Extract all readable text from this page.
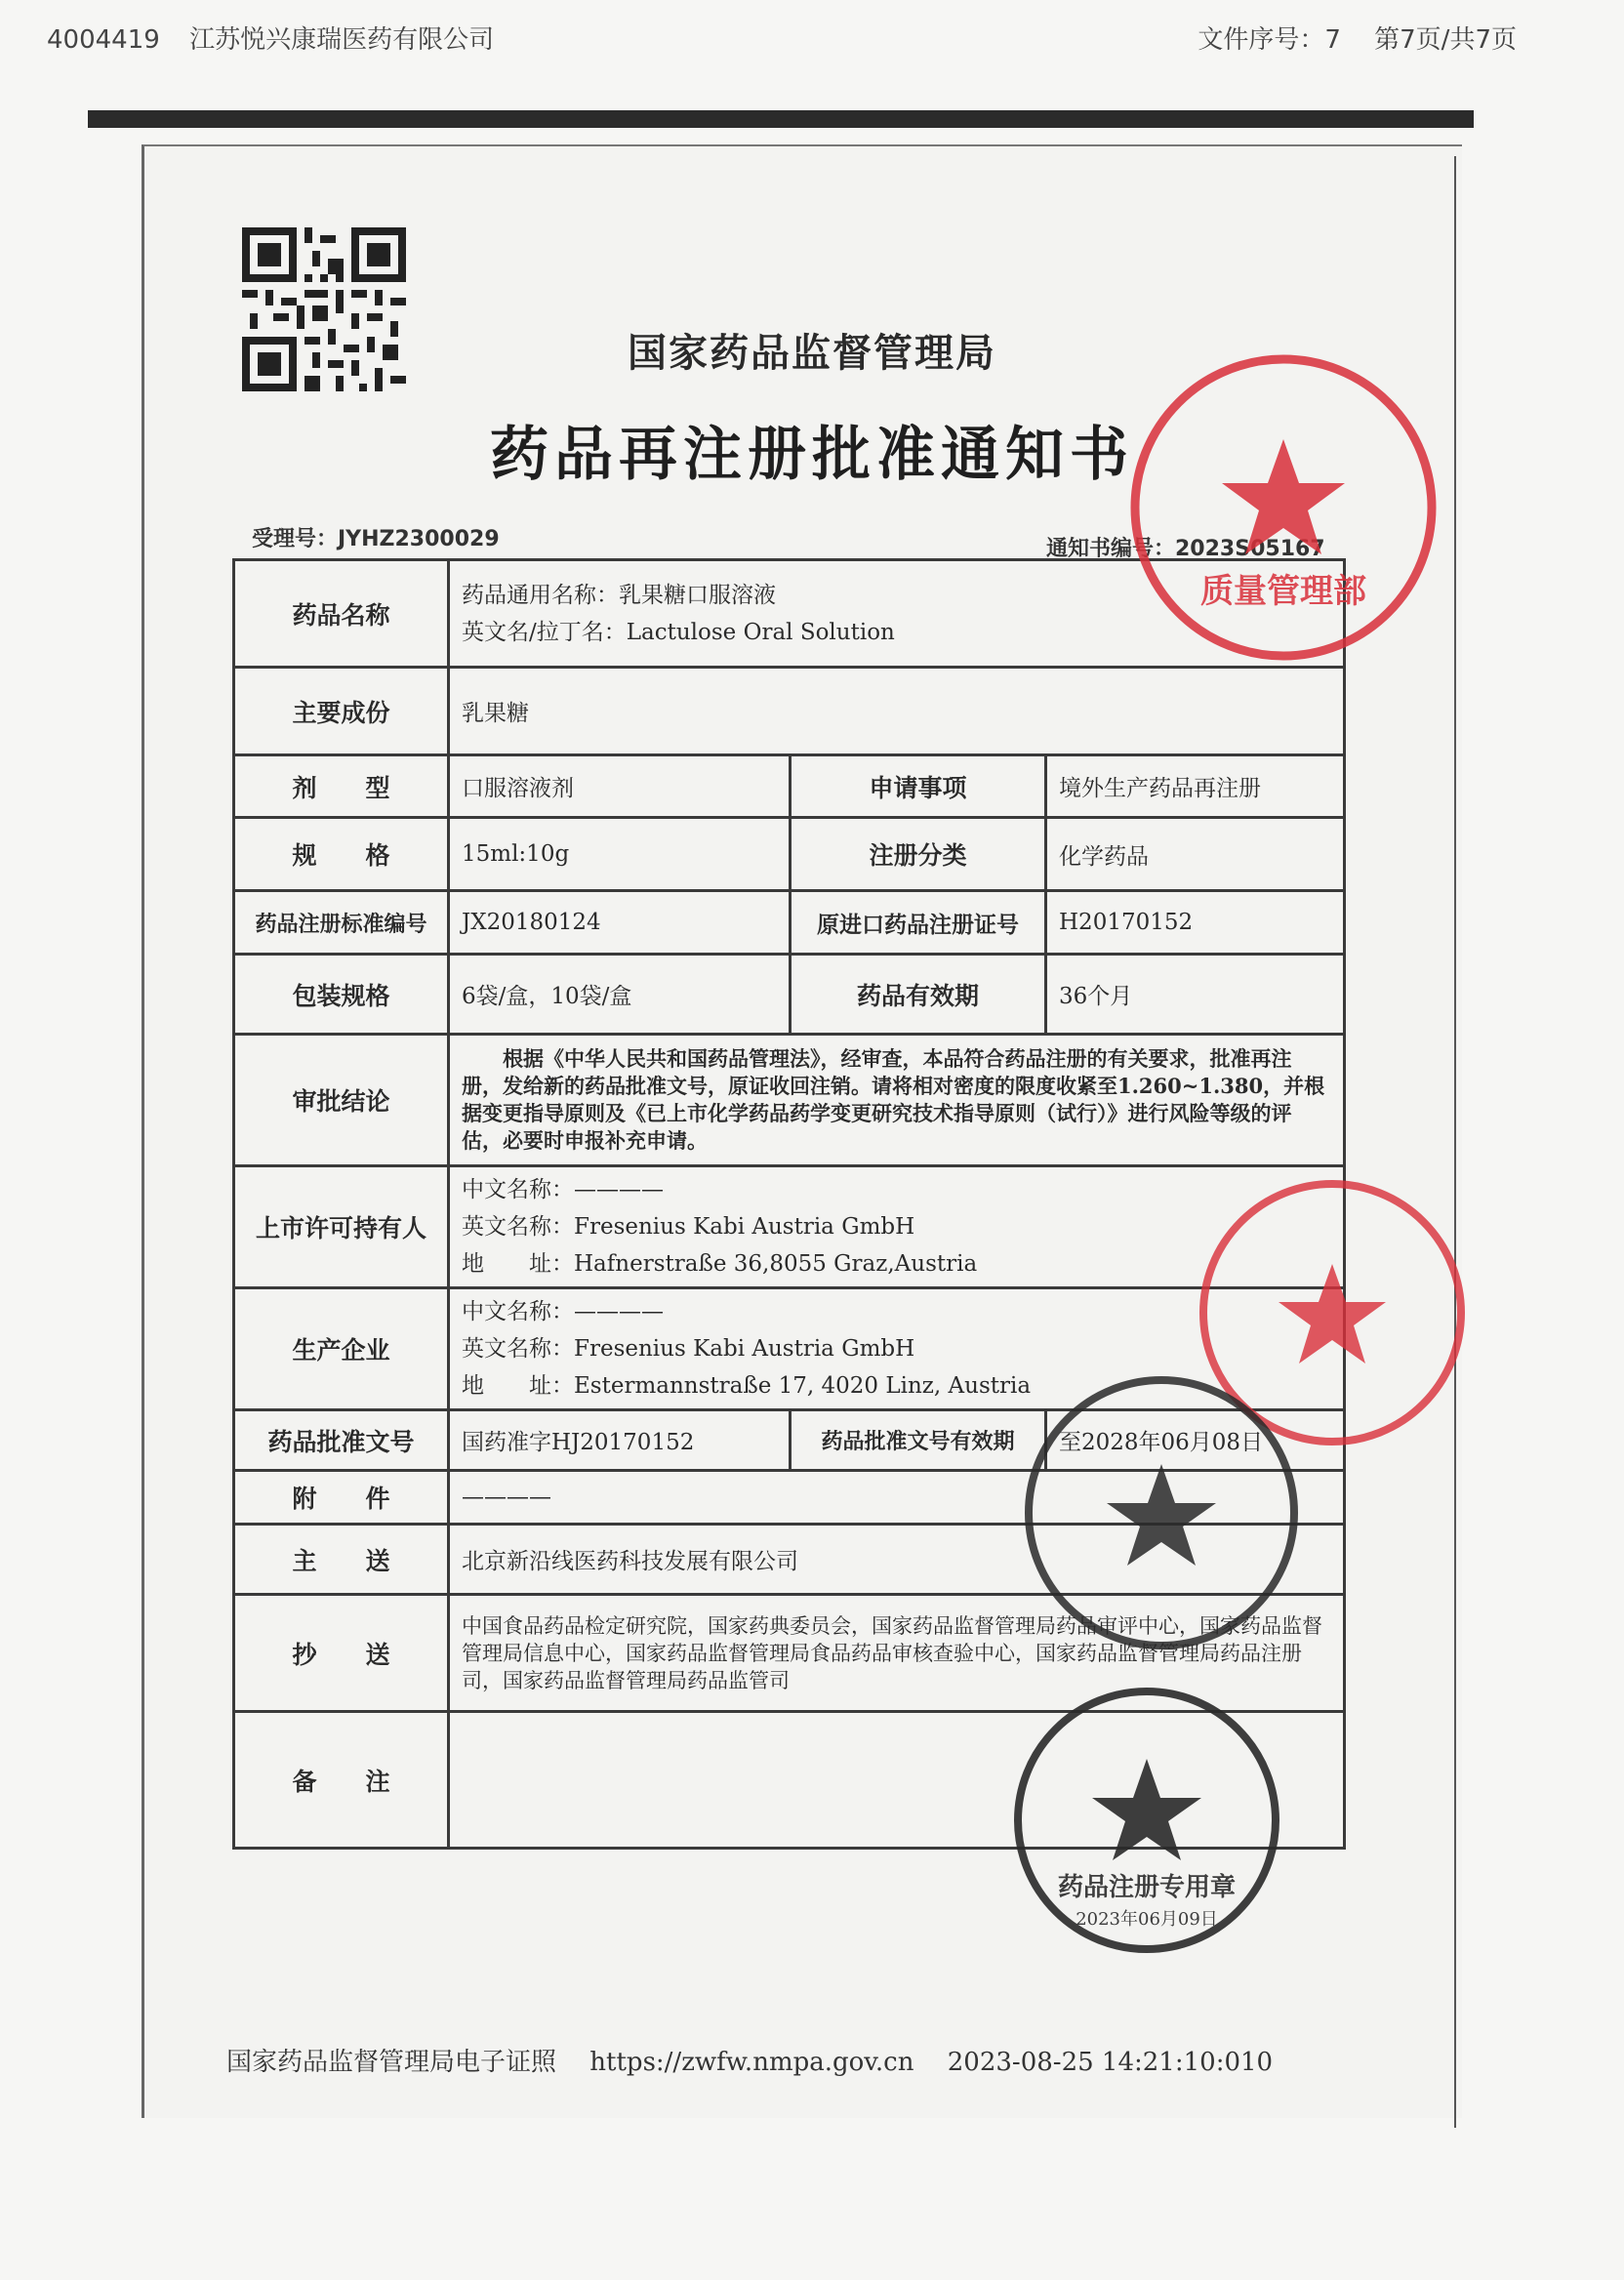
4004419 江苏悦兴康瑞医药有限公司	文件序号：7 第7页/共7页
国家药品监督管理局
药品再注册批准通知书
受理号：JYHZ2300029	通知书编号：2023S05167
药品名称	药品通用名称：乳果糖口服溶液
英文名/拉丁名：Lactulose Oral Solution		

主要成份	乳果糖		
剂　　型	口服溶液剂	申请事项	境外生产药品再注册
规　　格	15ml:10g	注册分类	化学药品
药品注册标准编号	JX20180124	原进口药品注册证号	H20170152
包装规格	6袋/盒，10袋/盒	药品有效期	36个月
审批结论	根据《中华人民共和国药品管理法》，经审查，本品符合药品注册的有关要求，批准再注册，发给新的药品批准文号，原证收回注销。请将相对密度的限度收紧至1.260~1.380，并根据变更指导原则及《已上市化学药品药学变更研究技术指导原则（试行）》进行风险等级的评估，必要时申报补充申请。		
上市许可持有人	中文名称：————
英文名称：Fresenius Kabi Austria GmbH
地　　址：Hafnerstraße 36,8055 Graz,Austria		

生产企业	中文名称：————
英文名称：Fresenius Kabi Austria GmbH
地　　址：Estermannstraße 17, 4020 Linz, Austria		

药品批准文号	国药准字HJ20170152	药品批准文号有效期	至2028年06月08日
附　　件	————		
主　　送	北京新沿线医药科技发展有限公司		
抄　　送	中国食品药品检定研究院，国家药典委员会，国家药品监督管理局药品审评中心，国家药品监督管理局信息中心，国家药品监督管理局食品药品审核查验中心，国家药品监督管理局药品注册司，国家药品监督管理局药品监管司		
备　　注			
国家药品监督管理局电子证照 https://zwfw.nmpa.gov.cn 2023-08-25 14:21:10:010
质量管理部
药品注册专用章
2023年06月09日
